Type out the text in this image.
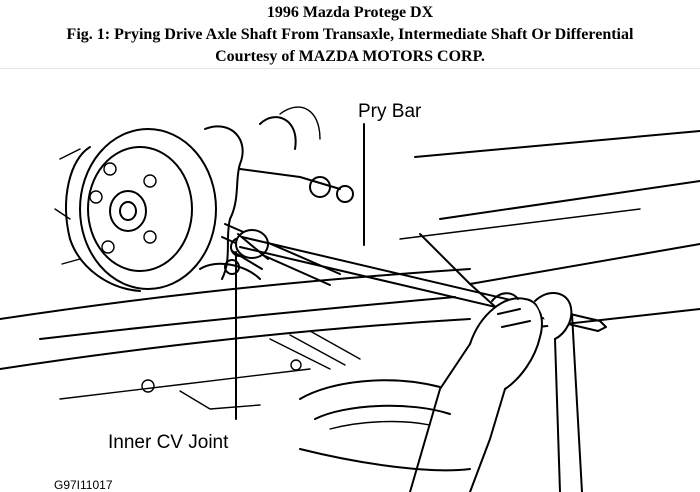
1996 Mazda Protege DX
Fig. 1: Prying Drive Axle Shaft From Transaxle, Intermediate Shaft Or Differential
Courtesy of MAZDA MOTORS CORP.
Pry Bar
Inner CV Joint
G97I11017
